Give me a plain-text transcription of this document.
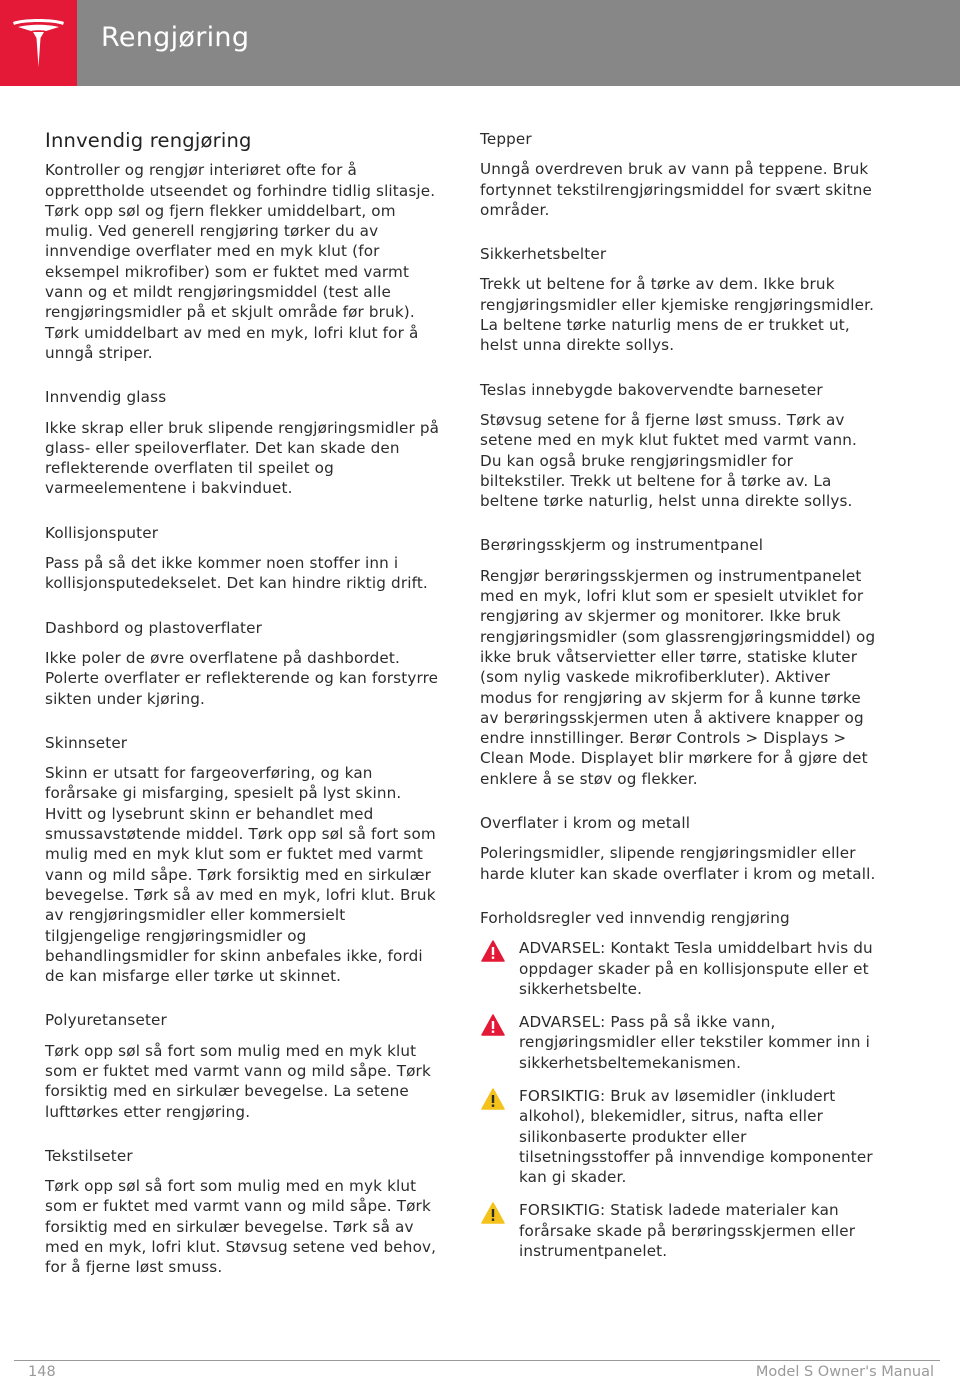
Rengjøring
Innvendig rengjøring

Kontroller og rengjør interiøret ofte for å opprettholde utseendet og forhindre tidlig slitasje. Tørk opp søl og fjern flekker umiddelbart, om mulig. Ved generell rengjøring tørker du av innvendige overflater med en myk klut (for eksempel mikrofiber) som er fuktet med varmt vann og et mildt rengjøringsmiddel (test alle rengjøringsmidler på et skjult område før bruk). Tørk umiddelbart av med en myk, lofri klut for å unngå striper.

Innvendig glass

Ikke skrap eller bruk slipende rengjøringsmidler på glass- eller speiloverflater. Det kan skade den reflekterende overflaten til speilet og varmeelementene i bakvinduet.

Kollisjonsputer

Pass på så det ikke kommer noen stoffer inn i kollisjonsputedekselet. Det kan hindre riktig drift.

Dashbord og plastoverflater

Ikke poler de øvre overflatene på dashbordet. Polerte overflater er reflekterende og kan forstyrre sikten under kjøring.

Skinnseter

Skinn er utsatt for fargeoverføring, og kan forårsake gi misfarging, spesielt på lyst skinn. Hvitt og lysebrunt skinn er behandlet med smussavstøtende middel. Tørk opp søl så fort som mulig med en myk klut som er fuktet med varmt vann og mild såpe. Tørk forsiktig med en sirkulær bevegelse. Tørk så av med en myk, lofri klut. Bruk av rengjøringsmidler eller kommersielt tilgjengelige rengjøringsmidler og behandlingsmidler for skinn anbefales ikke, fordi de kan misfarge eller tørke ut skinnet.

Polyuretanseter

Tørk opp søl så fort som mulig med en myk klut som er fuktet med varmt vann og mild såpe. Tørk forsiktig med en sirkulær bevegelse. La setene lufttørkes etter rengjøring.

Tekstilseter

Tørk opp søl så fort som mulig med en myk klut som er fuktet med varmt vann og mild såpe. Tørk forsiktig med en sirkulær bevegelse. Tørk så av med en myk, lofri klut. Støvsug setene ved behov, for å fjerne løst smuss.

Tepper

Unngå overdreven bruk av vann på teppene. Bruk fortynnet tekstilrengjøringsmiddel for svært skitne områder.

Sikkerhetsbelter

Trekk ut beltene for å tørke av dem. Ikke bruk rengjøringsmidler eller kjemiske rengjøringsmidler. La beltene tørke naturlig mens de er trukket ut, helst unna direkte sollys.

Teslas innebygde bakovervendte barneseter

Støvsug setene for å fjerne løst smuss. Tørk av setene med en myk klut fuktet med varmt vann. Du kan også bruke rengjøringsmidler for biltekstiler. Trekk ut beltene for å tørke av. La beltene tørke naturlig, helst unna direkte sollys.

Berøringsskjerm og instrumentpanel

Rengjør berøringsskjermen og instrumentpanelet med en myk, lofri klut som er spesielt utviklet for rengjøring av skjermer og monitorer. Ikke bruk rengjøringsmidler (som glassrengjøringsmiddel) og ikke bruk våtservietter eller tørre, statiske kluter (som nylig vaskede mikrofiberkluter). Aktiver modus for rengjøring av skjerm for å kunne tørke av berøringsskjermen uten å aktivere knapper og endre innstillinger. Berør Controls > Displays > Clean Mode. Displayet blir mørkere for å gjøre det enklere å se støv og flekker.

Overflater i krom og metall

Poleringsmidler, slipende rengjøringsmidler eller harde kluter kan skade overflater i krom og metall.

Forholdsregler ved innvendig rengjøring
ADVARSEL: Kontakt Tesla umiddelbart hvis du oppdager skader på en kollisjonspute eller et sikkerhetsbelte.
ADVARSEL: Pass på så ikke vann, rengjøringsmidler eller tekstiler kommer inn i sikkerhetsbeltemekanismen.
FORSIKTIG: Bruk av løsemidler (inkludert alkohol), blekemidler, sitrus, nafta eller silikonbaserte produkter eller tilsetningsstoffer på innvendige komponenter kan gi skader.
FORSIKTIG: Statisk ladede materialer kan forårsake skade på berøringsskjermen eller instrumentpanelet.
148	Model S Owner's Manual
